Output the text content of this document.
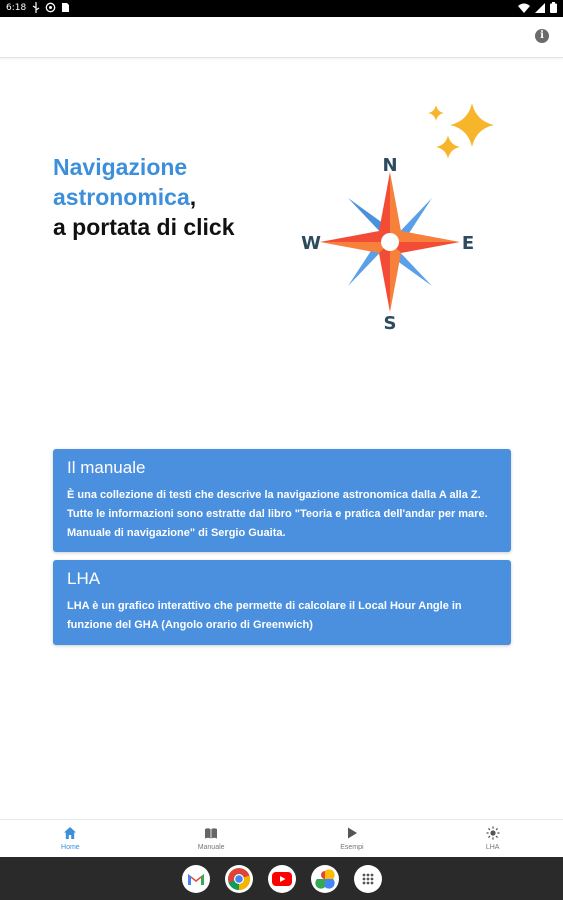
6:18
i
Navigazione astronomica,
a portata di click
N
S
W	E
Il manuale
È una collezione di testi che descrive la navigazione astronomica dalla A alla Z. Tutte le informazioni sono estratte dal libro "Teoria e pratica dell'andar per mare. Manuale di navigazione" di Sergio Guaita.
LHA
LHA è un grafico interattivo che permette di calcolare il Local Hour Angle in funzione del GHA (Angolo orario di Greenwich)
Home	Manuale	Esempi	LHA
